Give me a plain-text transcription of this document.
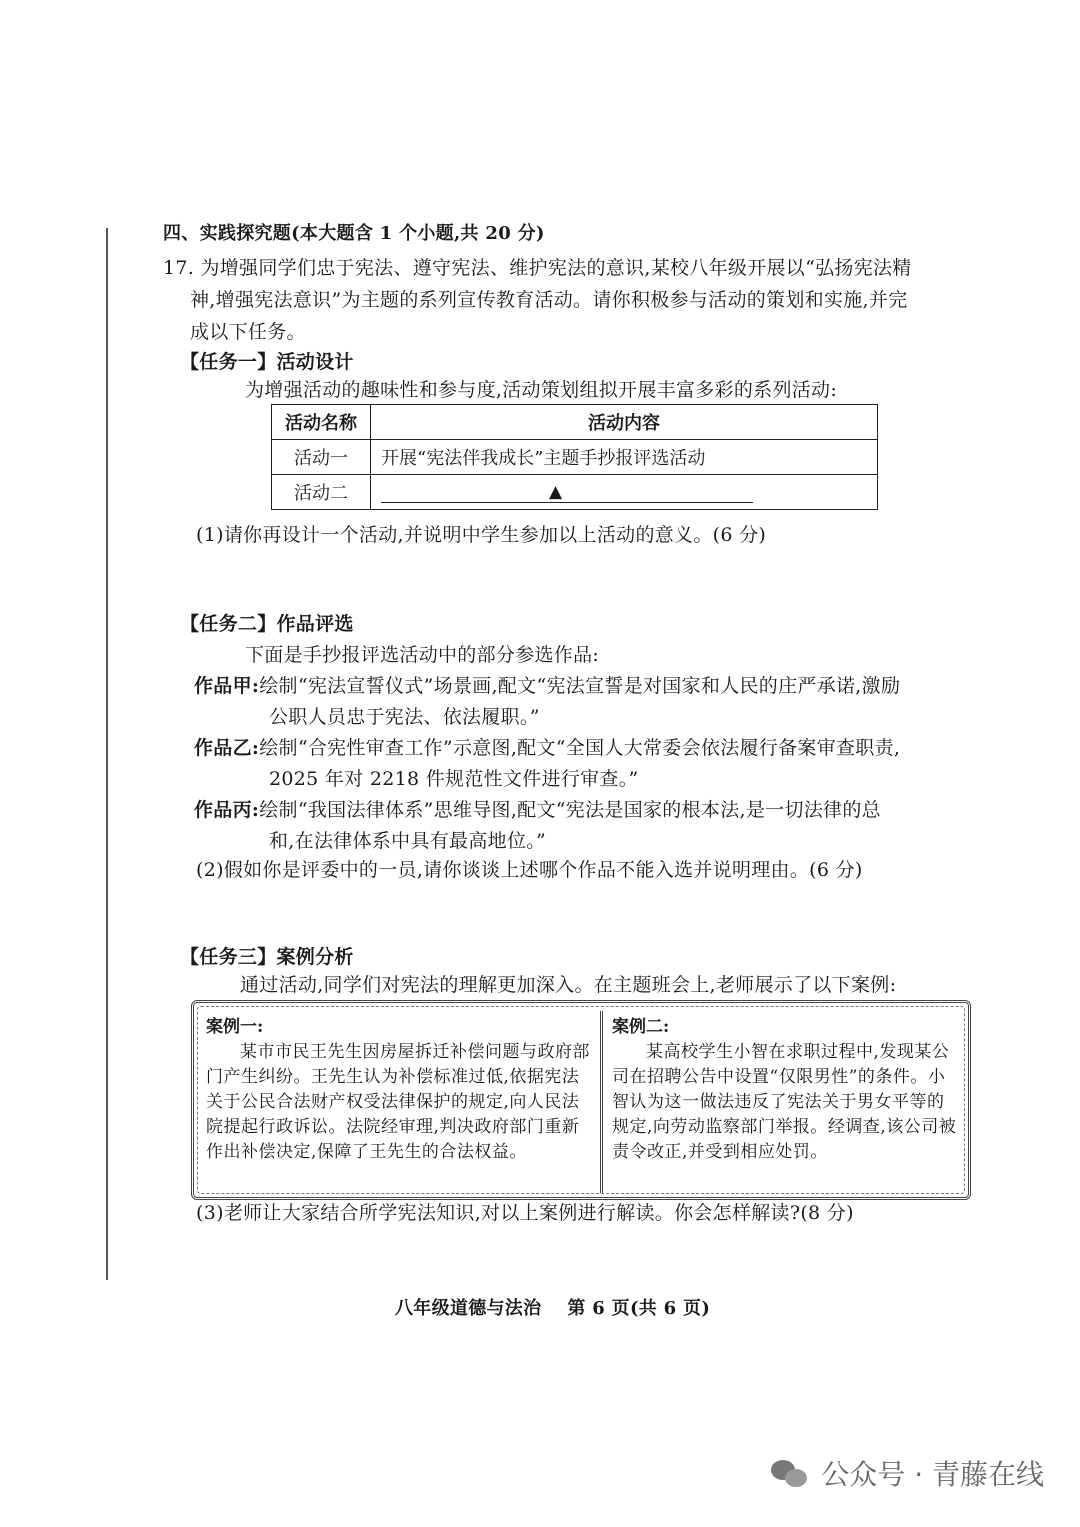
四、实践探究题(本大题含 1 个小题,共 20 分)
17. 为增强同学们忠于宪法、遵守宪法、维护宪法的意识,某校八年级开展以“弘扬宪法精
神,增强宪法意识”为主题的系列宣传教育活动。请你积极参与活动的策划和实施,并完
成以下任务。
【任务一】活动设计
为增强活动的趣味性和参与度,活动策划组拟开展丰富多彩的系列活动:
活动名称	活动内容
活动一	开展“宪法伴我成长”主题手抄报评选活动
活动二	▲
(1)请你再设计一个活动,并说明中学生参加以上活动的意义。(6 分)
【任务二】作品评选
下面是手抄报评选活动中的部分参选作品:
作品甲:绘制“宪法宣誓仪式”场景画,配文“宪法宣誓是对国家和人民的庄严承诺,激励
公职人员忠于宪法、依法履职。”
作品乙:绘制“合宪性审查工作”示意图,配文“全国人大常委会依法履行备案审查职责,
2025 年对 2218 件规范性文件进行审查。”
作品丙:绘制“我国法律体系”思维导图,配文“宪法是国家的根本法,是一切法律的总
和,在法律体系中具有最高地位。”
(2)假如你是评委中的一员,请你谈谈上述哪个作品不能入选并说明理由。(6 分)
【任务三】案例分析
通过活动,同学们对宪法的理解更加深入。在主题班会上,老师展示了以下案例:
案例一:
某市市民王先生因房屋拆迁补偿问题与政府部门产生纠纷。王先生认为补偿标准过低,依据宪法关于公民合法财产权受法律保护的规定,向人民法院提起行政诉讼。法院经审理,判决政府部门重新作出补偿决定,保障了王先生的合法权益。
案例二:
某高校学生小智在求职过程中,发现某公司在招聘公告中设置“仅限男性”的条件。小智认为这一做法违反了宪法关于男女平等的规定,向劳动监察部门举报。经调查,该公司被责令改正,并受到相应处罚。
(3)老师让大家结合所学宪法知识,对以上案例进行解读。你会怎样解读?(8 分)
八年级道德与法治 第 6 页(共 6 页)
公众号 · 青藤在线
